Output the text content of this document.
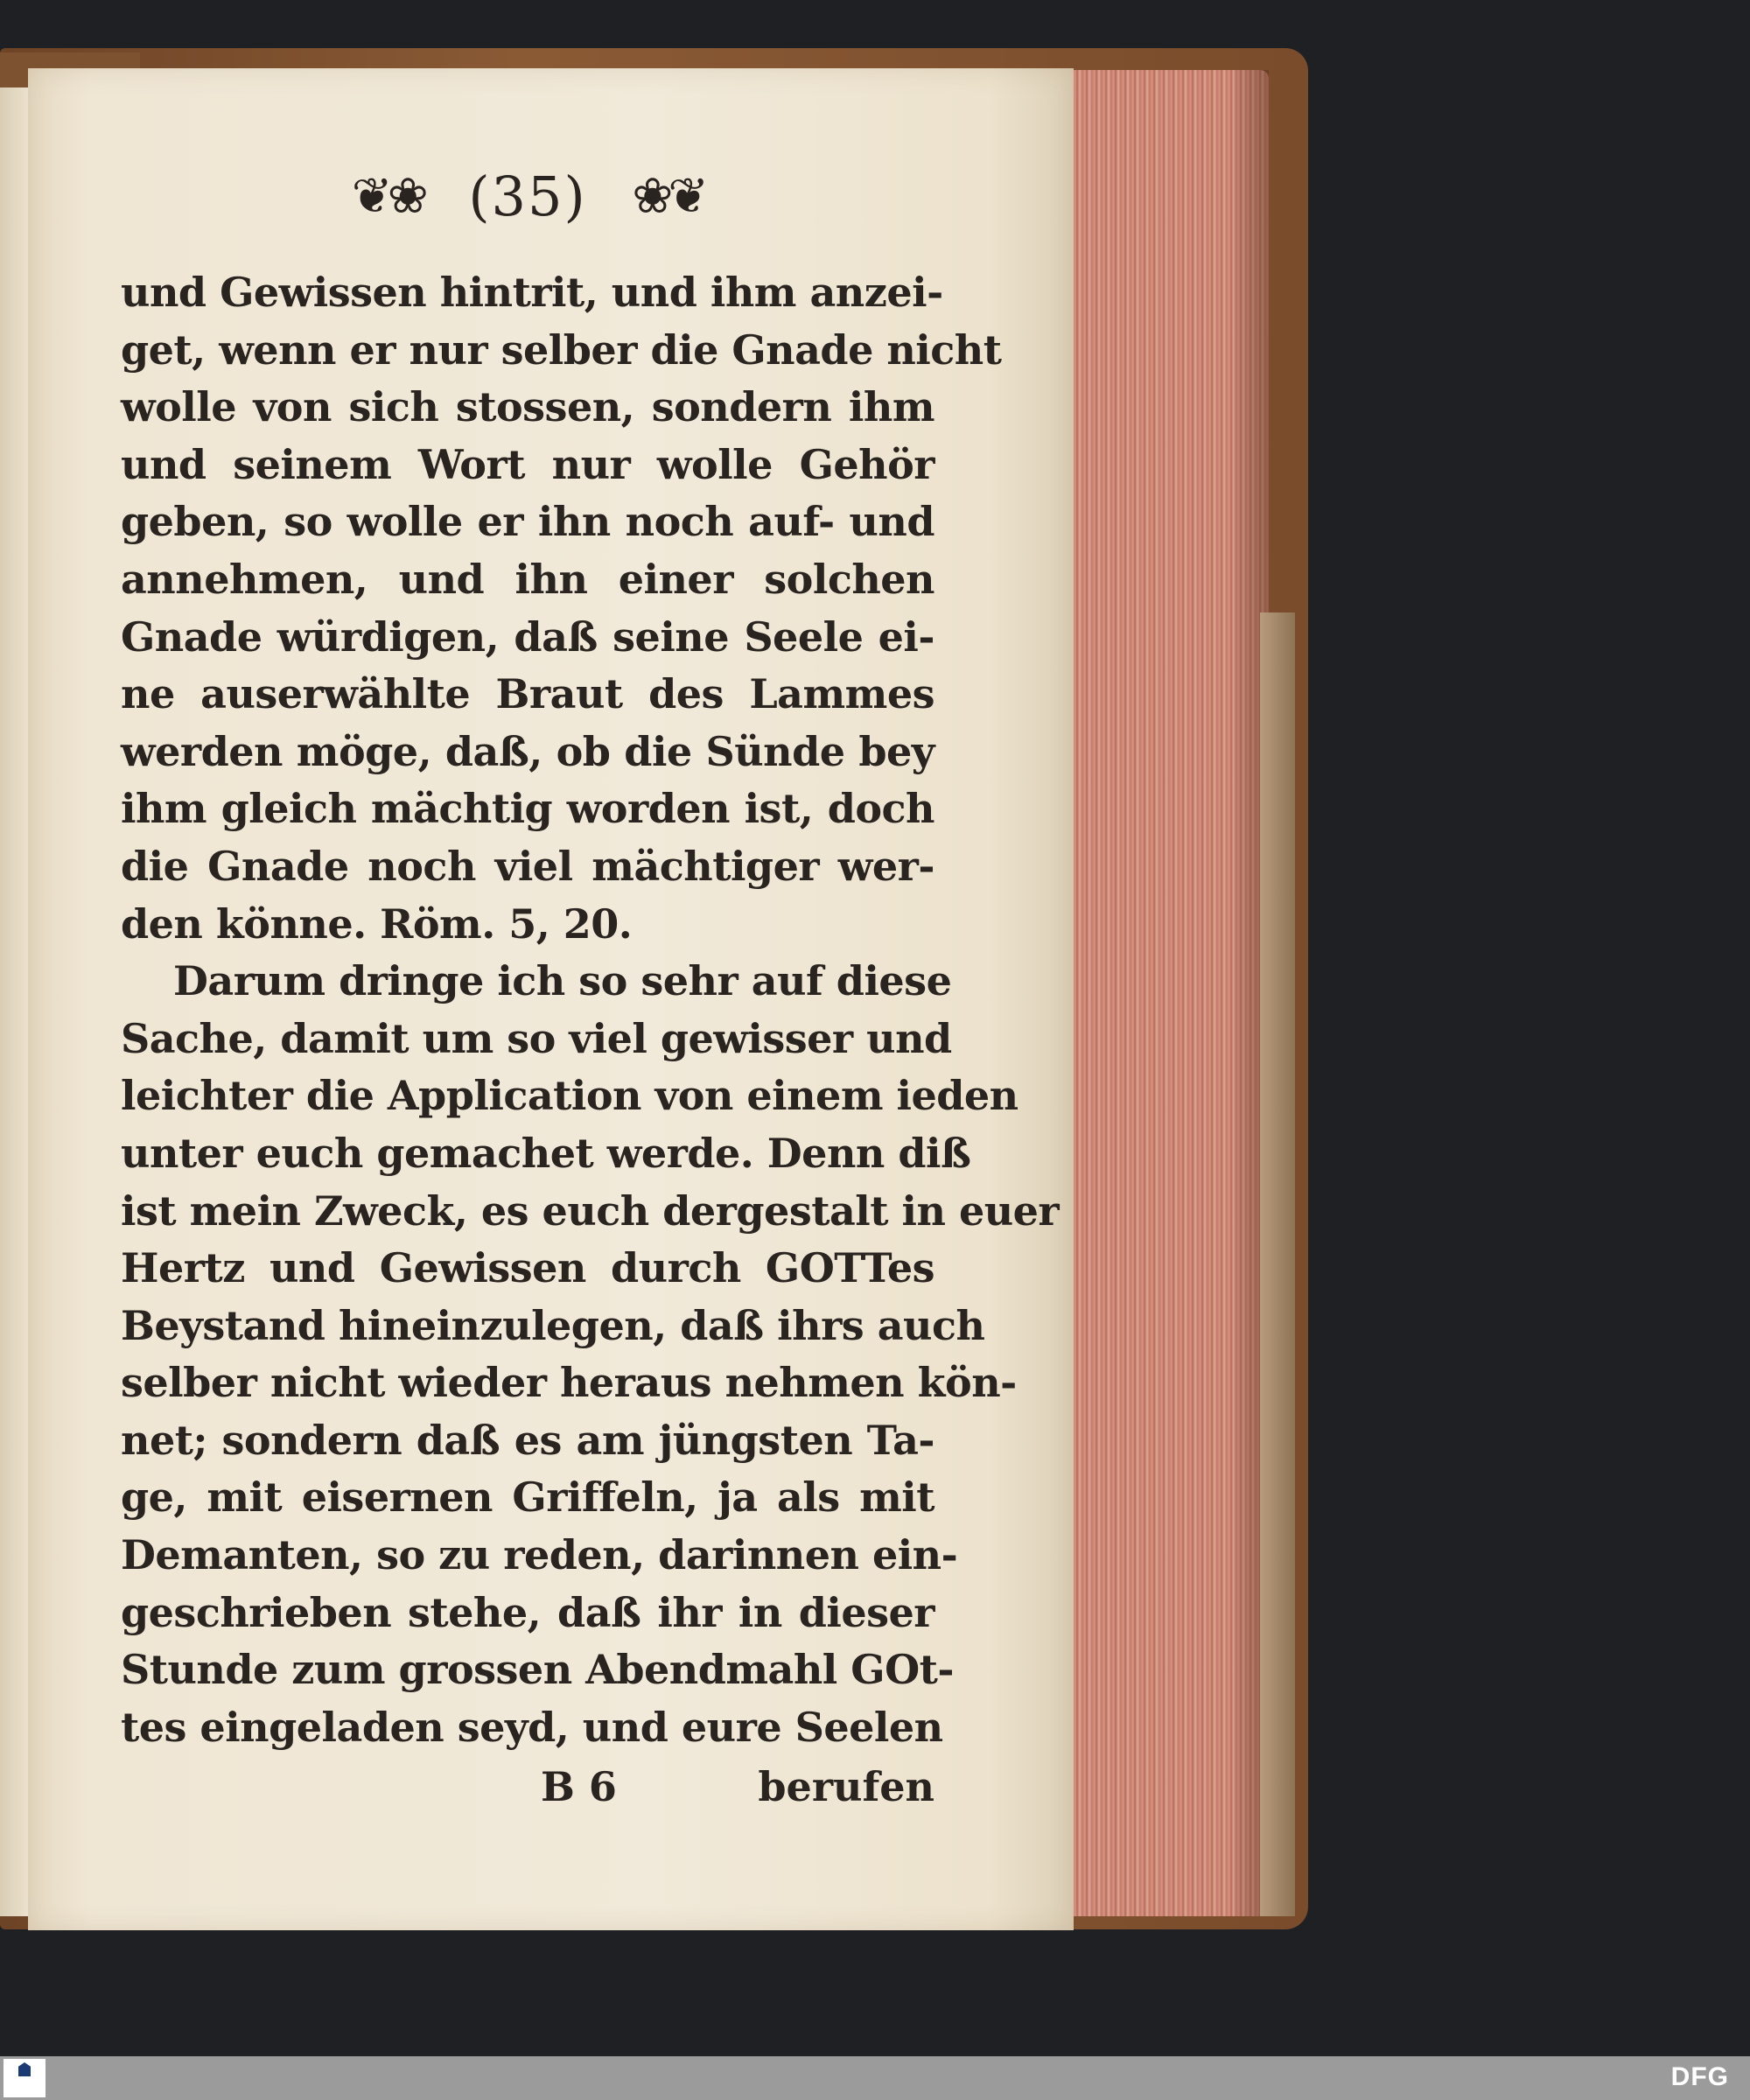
❦❀ (35) ❀❦
und Gewissen hintrit, und ihm anzei-
get, wenn er nur selber die Gnade nicht
wolle von sich stossen, sondern ihm
und seinem Wort nur wolle Gehör
geben, so wolle er ihn noch auf- und
annehmen, und ihn einer solchen
Gnade würdigen, daß seine Seele ei-
ne auserwählte Braut des Lammes
werden möge, daß, ob die Sünde bey
ihm gleich mächtig worden ist, doch
die Gnade noch viel mächtiger wer-
den könne. Röm. 5, 20.
Darum dringe ich so sehr auf diese
Sache, damit um so viel gewisser und
leichter die Application von einem ieden
unter euch gemachet werde. Denn diß
ist mein Zweck, es euch dergestalt in euer
Hertz und Gewissen durch GOTTes
Beystand hineinzulegen, daß ihrs auch
selber nicht wieder heraus nehmen kön-
net; sondern daß es am jüngsten Ta-
ge, mit eisernen Griffeln, ja als mit
Demanten, so zu reden, darinnen ein-
geschrieben stehe, daß ihr in dieser
Stunde zum grossen Abendmahl GOt-
tes eingeladen seyd, und eure Seelen
B 6	berufen
DFG
